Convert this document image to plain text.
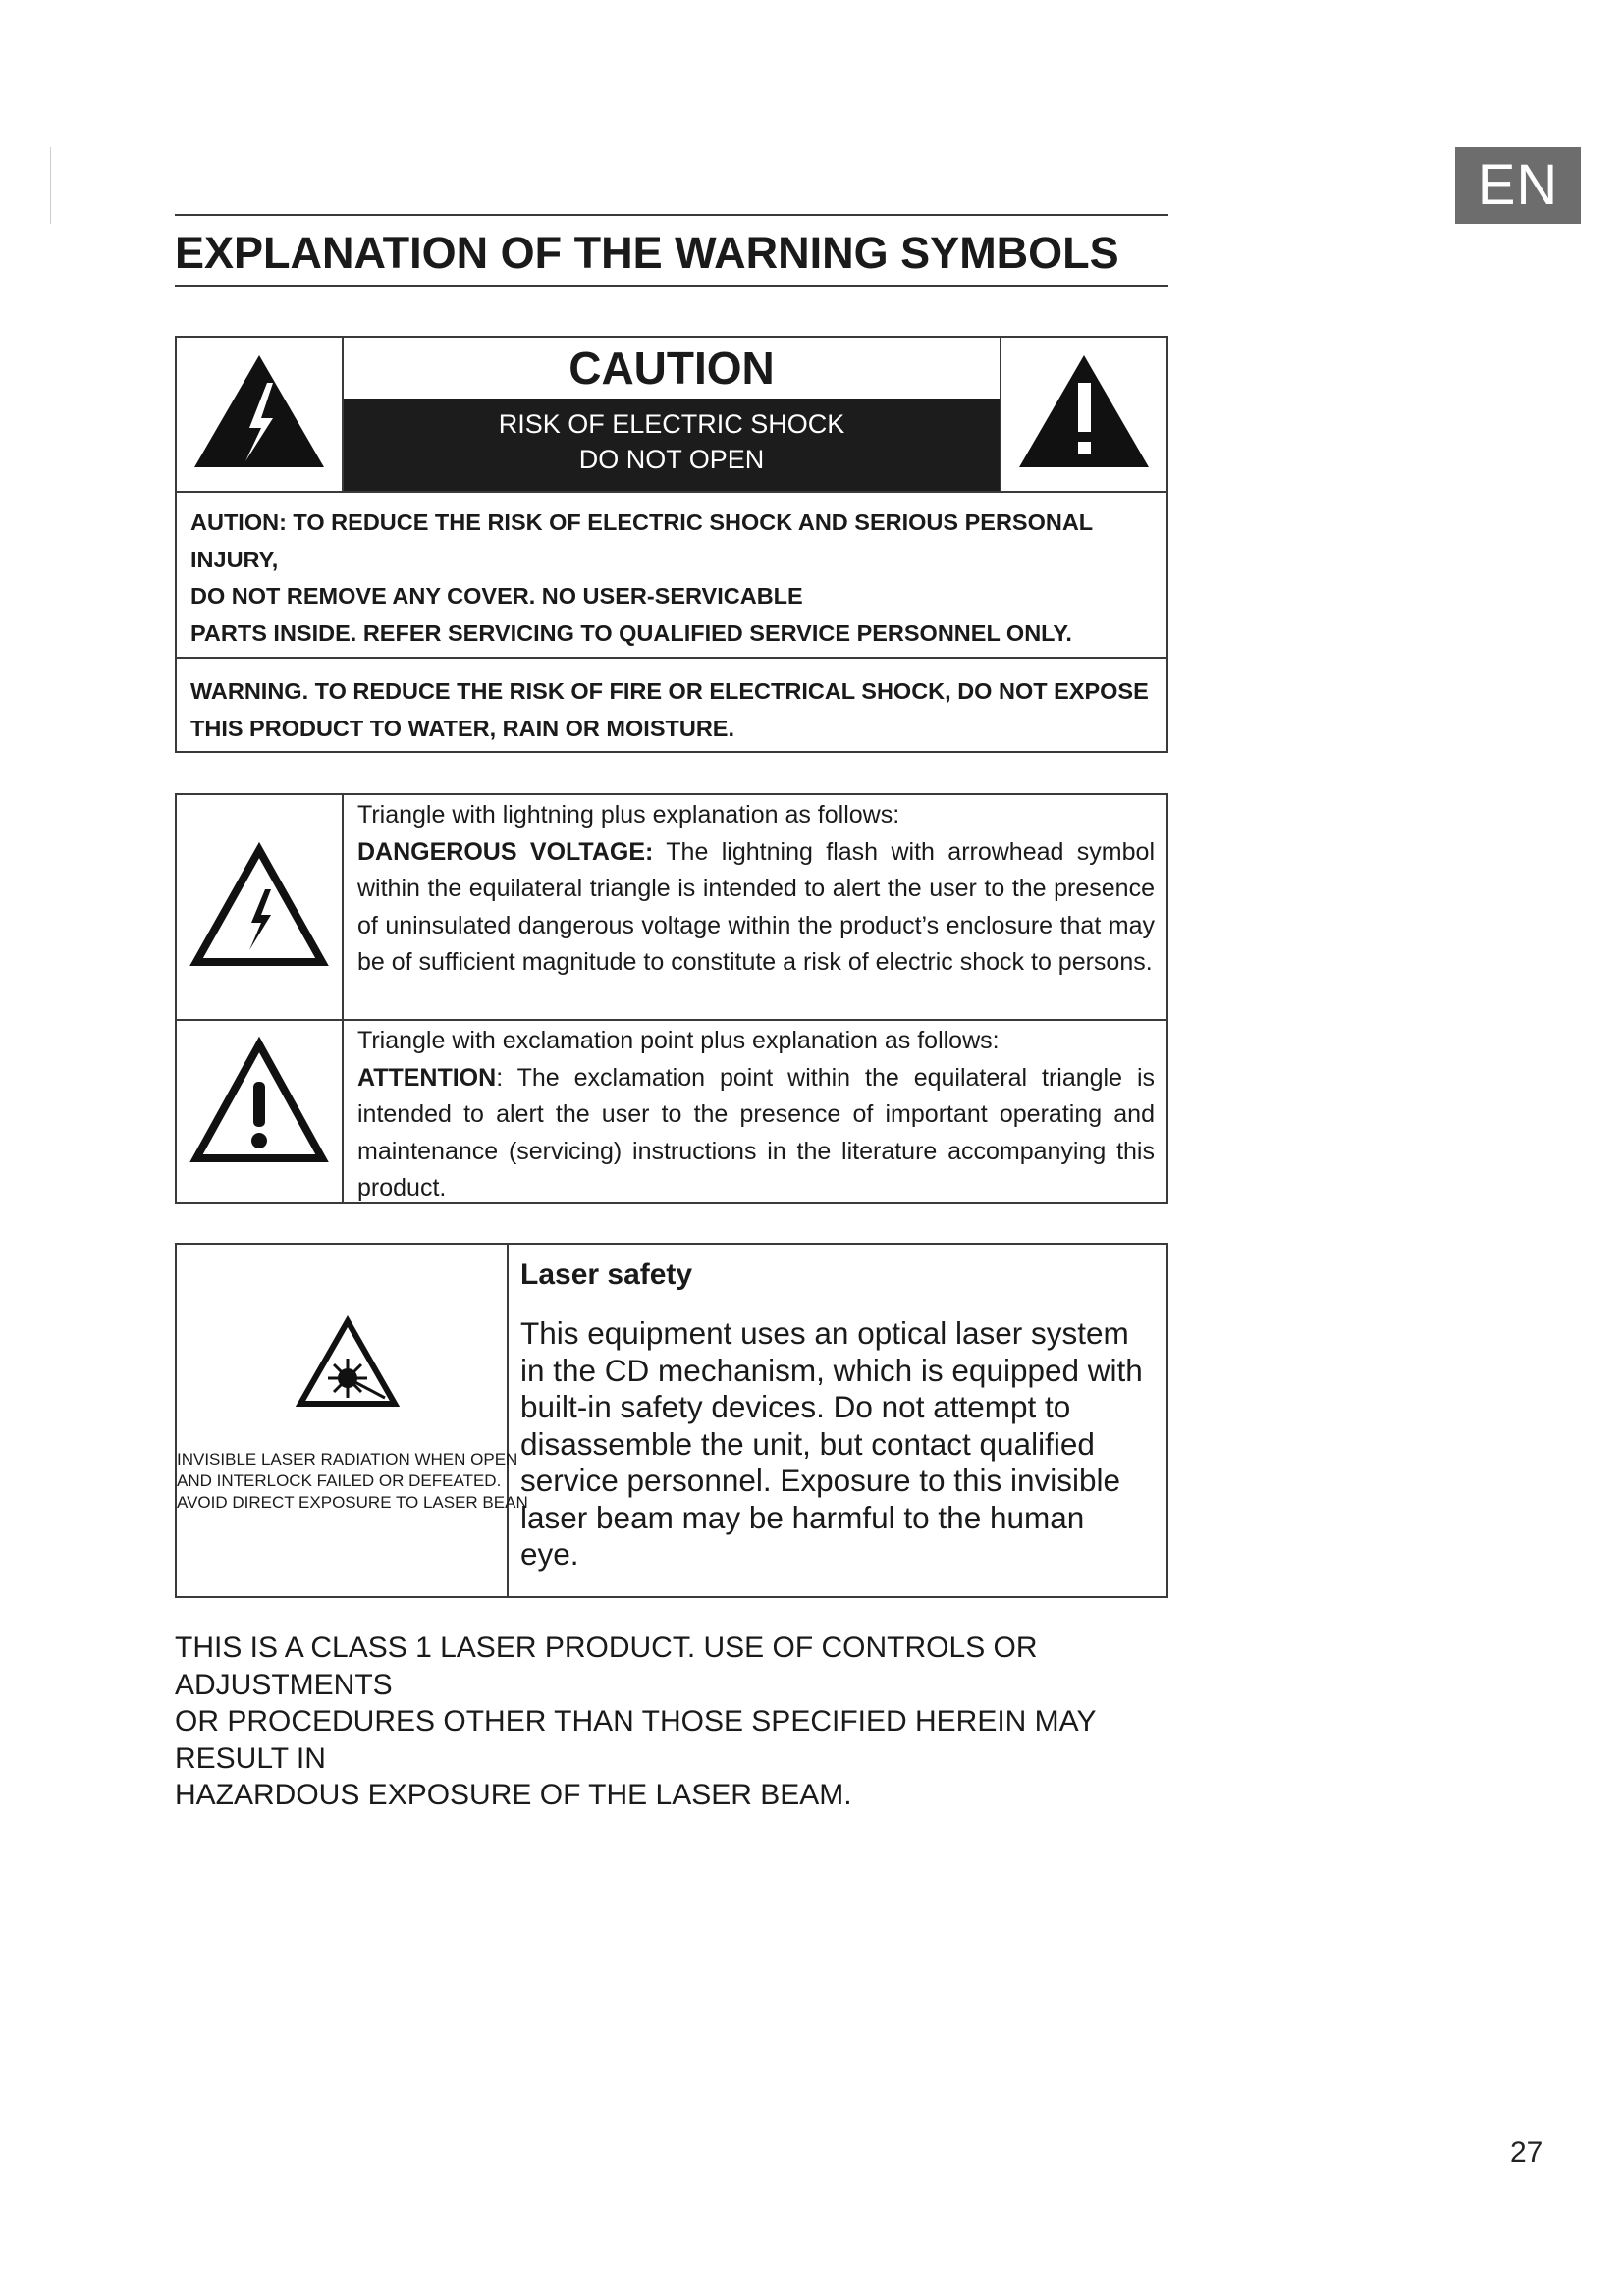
EN
EXPLANATION OF THE WARNING SYMBOLS
CAUTION
RISK OF ELECTRIC SHOCK
DO NOT OPEN
AUTION: TO REDUCE THE RISK OF ELECTRIC SHOCK AND SERIOUS PERSONAL INJURY,
DO NOT REMOVE ANY COVER. NO USER-SERVICABLE
PARTS INSIDE. REFER SERVICING TO QUALIFIED SERVICE PERSONNEL ONLY.
WARNING. TO REDUCE THE RISK OF FIRE OR ELECTRICAL SHOCK, DO NOT EXPOSE
THIS PRODUCT TO WATER, RAIN OR MOISTURE.

Triangle with lightning plus explanation as follows:

DANGEROUS VOLTAGE: The lightning flash with arrowhead symbol within the equilateral triangle is intended to alert the user to the presence of uninsulated dangerous voltage within the product’s enclosure that may be of sufficient magnitude to constitute a risk of electric shock to persons.

Triangle with exclamation point plus explanation as follows:

ATTENTION: The exclamation point within the equilateral triangle is intended to alert the user to the presence of important operating and maintenance (servicing) instructions in the literature accompanying this product.

INVISIBLE LASER RADIATION WHEN OPEN
AND INTERLOCK FAILED OR DEFEATED.
AVOID DIRECT EXPOSURE TO LASER BEAN
Laser safety
This equipment uses an optical laser system
in the CD mechanism, which is equipped with
built-in safety devices. Do not attempt to
disassemble the unit, but contact qualified
service personnel. Exposure to this invisible
laser beam may be harmful to the human eye.
THIS IS A CLASS 1 LASER PRODUCT. USE OF CONTROLS OR ADJUSTMENTS
OR PROCEDURES OTHER THAN THOSE SPECIFIED HEREIN MAY RESULT IN
HAZARDOUS EXPOSURE OF THE LASER BEAM.
27
